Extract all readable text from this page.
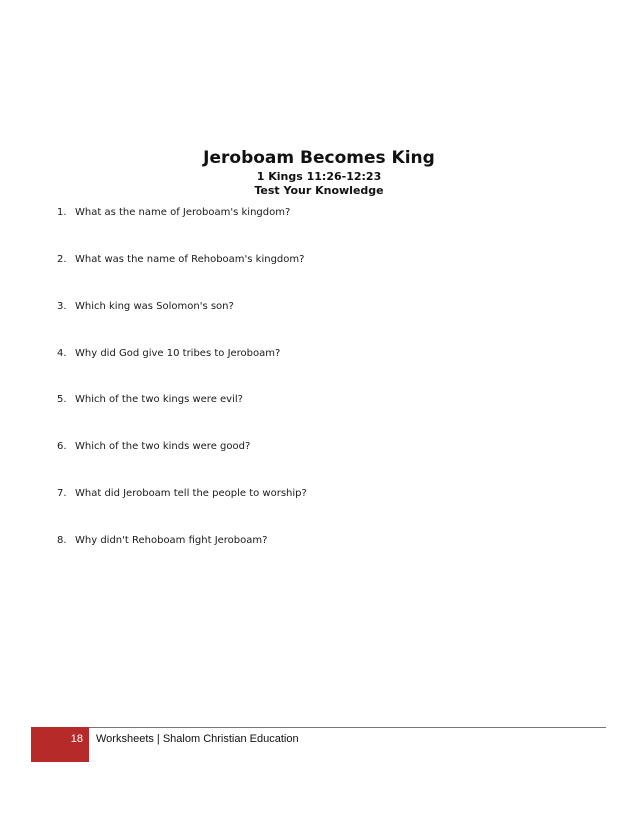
Jeroboam Becomes King
1 Kings 11:26-12:23
Test Your Knowledge
1. What as the name of Jeroboam's kingdom?
2. What was the name of Rehoboam's kingdom?
3. Which king was Solomon's son?
4. Why did God give 10 tribes to Jeroboam?
5. Which of the two kings were evil?
6. Which of the two kinds were good?
7. What did Jeroboam tell the people to worship?
8. Why didn't Rehoboam fight Jeroboam?
18	Worksheets | Shalom Christian Education
